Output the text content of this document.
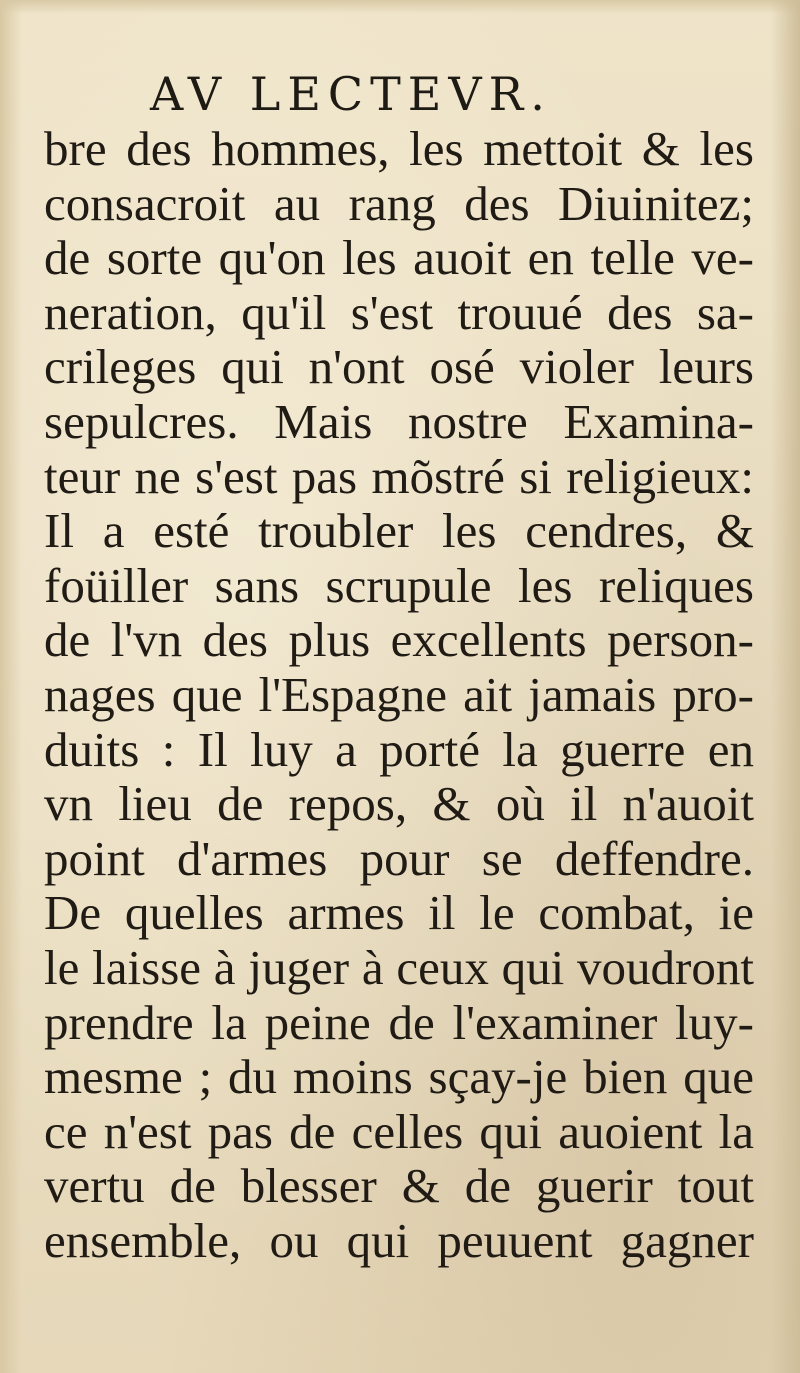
AV LECTEVR.
bre des hommes, les mettoit & les
consacroit au rang des Diuinitez;
de sorte qu'on les auoit en telle ve-
neration, qu'il s'est trouué des sa-
crileges qui n'ont osé violer leurs
sepulcres. Mais nostre Examina-
teur ne s'est pas mõstré si religieux:
Il a esté troubler les cendres, &
foüiller sans scrupule les reliques
de l'vn des plus excellents person-
nages que l'Espagne ait jamais pro-
duits : Il luy a porté la guerre en
vn lieu de repos, & où il n'auoit
point d'armes pour se deffendre.
De quelles armes il le combat, ie
le laisse à juger à ceux qui voudront
prendre la peine de l'examiner luy-
mesme ; du moins sçay-je bien que
ce n'est pas de celles qui auoient la
vertu de blesser & de guerir tout
ensemble, ou qui peuuent gagner
